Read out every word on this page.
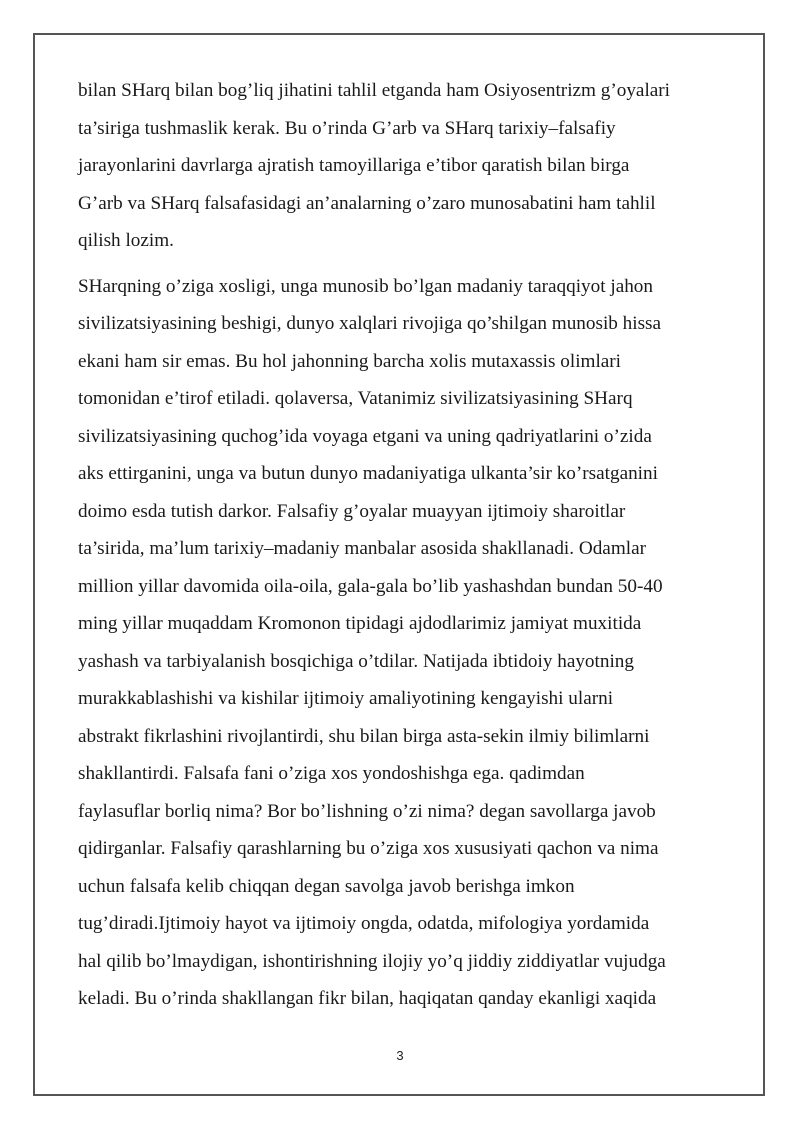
bilan SHarq bilan bog’liq jihatini tahlil etganda ham Osiyosentrizm g’oyalari
ta’siriga tushmaslik kerak. Bu o’rinda G’arb va SHarq tarixiy–falsafiy
jarayonlarini davrlarga ajratish tamoyillariga e’tibor qaratish bilan birga
G’arb va SHarq falsafasidagi an’analarning o’zaro munosabatini ham tahlil
qilish lozim.

SHarqning o’ziga xosligi, unga munosib bo’lgan madaniy taraqqiyot jahon
sivilizatsiyasining beshigi, dunyo xalqlari rivojiga qo’shilgan munosib hissa
ekani ham sir emas. Bu hol jahonning barcha xolis mutaxassis olimlari
tomonidan e’tirof etiladi. qolaversa, Vatanimiz sivilizatsiyasining SHarq
sivilizatsiyasining quchog’ida voyaga etgani va uning qadriyatlarini o’zida
aks ettirganini, unga va butun dunyo madaniyatiga ulkanta’sir ko’rsatganini
doimo esda tutish darkor. Falsafiy g’oyalar muayyan ijtimoiy sharoitlar
ta’sirida, ma’lum tarixiy–madaniy manbalar asosida shakllanadi. Odamlar
million yillar davomida oila-oila, gala-gala bo’lib yashashdan bundan 50-40
ming yillar muqaddam Kromonon tipidagi ajdodlarimiz jamiyat muxitida
yashash va tarbiyalanish bosqichiga o’tdilar. Natijada ibtidoiy hayotning
murakkablashishi va kishilar ijtimoiy amaliyotining kengayishi ularni
abstrakt fikrlashini rivojlantirdi, shu bilan birga asta-sekin ilmiy bilimlarni
shakllantirdi. Falsafa fani o’ziga xos yondoshishga ega. qadimdan
faylasuflar borliq nima? Bor bo’lishning o’zi nima? degan savollarga javob
qidirganlar. Falsafiy qarashlarning bu o’ziga xos xususiyati qachon va nima
uchun falsafa kelib chiqqan degan savolga javob berishga imkon
tug’diradi.Ijtimoiy hayot va ijtimoiy ongda, odatda, mifologiya yordamida
hal qilib bo’lmaydigan, ishontirishning ilojiy yo’q jiddiy ziddiyatlar vujudga
keladi. Bu o’rinda shakllangan fikr bilan, haqiqatan qanday ekanligi xaqida

3
